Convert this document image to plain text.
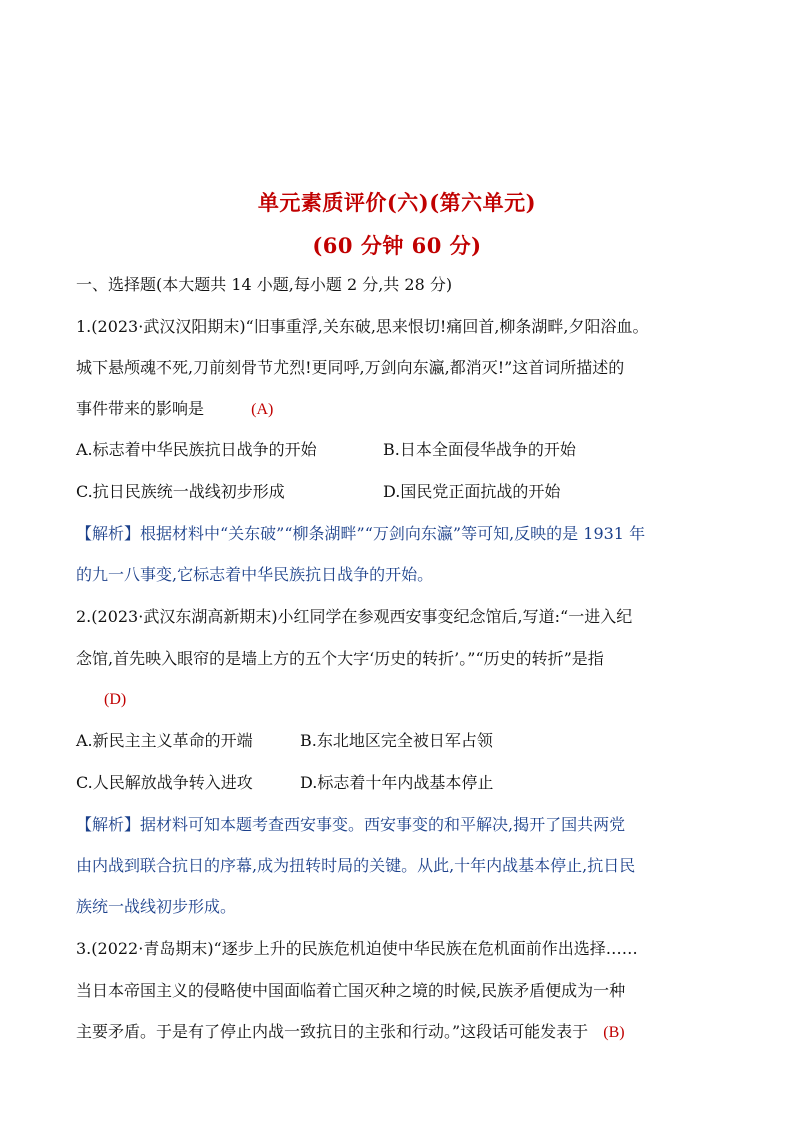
单元素质评价(六)(第六单元)
(60 分钟 60 分)
一、选择题(本大题共 14 小题,每小题 2 分,共 28 分)
1.(2023·武汉汉阳期末)“旧事重浮,关东破,思来恨切!痛回首,柳条湖畔,夕阳浴血。
城下悬颅魂不死,刀前刻骨节尤烈!更同呼,万剑向东瀛,都消灭!”这首词所描述的
事件带来的影响是	(A)
A.标志着中华民族抗日战争的开始	B.日本全面侵华战争的开始
C.抗日民族统一战线初步形成	D.国民党正面抗战的开始
【解析】根据材料中“关东破”“柳条湖畔”“万剑向东瀛”等可知,反映的是 1931 年
的九一八事变,它标志着中华民族抗日战争的开始。
2.(2023·武汉东湖高新期末)小红同学在参观西安事变纪念馆后,写道:“一进入纪
念馆,首先映入眼帘的是墙上方的五个大字‘历史的转折’。”“历史的转折”是指
(D)
A.新民主主义革命的开端	B.东北地区完全被日军占领
C.人民解放战争转入进攻	D.标志着十年内战基本停止
【解析】据材料可知本题考查西安事变。西安事变的和平解决,揭开了国共两党
由内战到联合抗日的序幕,成为扭转时局的关键。从此,十年内战基本停止,抗日民
族统一战线初步形成。
3.(2022·青岛期末)“逐步上升的民族危机迫使中华民族在危机面前作出选择……
当日本帝国主义的侵略使中国面临着亡国灭种之境的时候,民族矛盾便成为一种
主要矛盾。于是有了停止内战一致抗日的主张和行动。”这段话可能发表于 (B)
